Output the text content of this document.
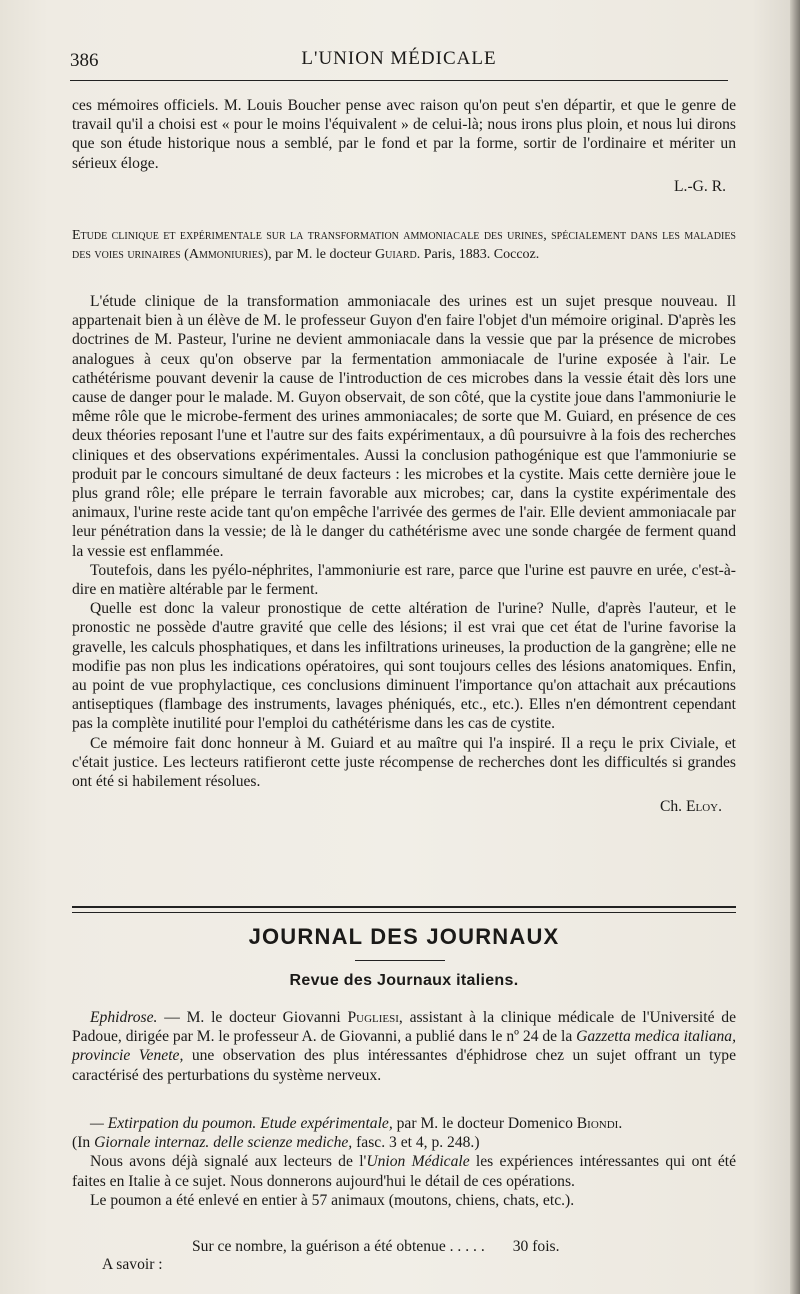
386	L'UNION MÉDICALE

ces mémoires officiels. M. Louis Boucher pense avec raison qu'on peut s'en départir, et que le genre de travail qu'il a choisi est « pour le moins l'équivalent » de celui-là; nous irons plus ploin, et nous lui dirons que son étude historique nous a semblé, par le fond et par la forme, sortir de l'ordinaire et mériter un sérieux éloge.

L.-G. R.

Etude clinique et expérimentale sur la transformation ammoniacale des urines, spécialement dans les maladies des voies urinaires (Ammoniuries), par M. le docteur Guiard. Paris, 1883. Coccoz.

L'étude clinique de la transformation ammoniacale des urines est un sujet presque nouveau. Il appartenait bien à un élève de M. le professeur Guyon d'en faire l'objet d'un mémoire original. D'après les doctrines de M. Pasteur, l'urine ne devient ammoniacale dans la vessie que par la présence de microbes analogues à ceux qu'on observe par la fermentation ammoniacale de l'urine exposée à l'air. Le cathétérisme pouvant devenir la cause de l'introduction de ces microbes dans la vessie était dès lors une cause de danger pour le malade. M. Guyon observait, de son côté, que la cystite joue dans l'ammoniurie le même rôle que le microbe-ferment des urines ammoniacales; de sorte que M. Guiard, en présence de ces deux théories reposant l'une et l'autre sur des faits expérimentaux, a dû poursuivre à la fois des recherches cliniques et des observations expérimentales. Aussi la conclusion pathogénique est que l'ammoniurie se produit par le concours simultané de deux facteurs : les microbes et la cystite. Mais cette dernière joue le plus grand rôle; elle prépare le terrain favorable aux microbes; car, dans la cystite expérimentale des animaux, l'urine reste acide tant qu'on empêche l'arrivée des germes de l'air. Elle devient ammoniacale par leur pénétration dans la vessie; de là le danger du cathétérisme avec une sonde chargée de ferment quand la vessie est enflammée.

Toutefois, dans les pyélo-néphrites, l'ammoniurie est rare, parce que l'urine est pauvre en urée, c'est-à-dire en matière altérable par le ferment.

Quelle est donc la valeur pronostique de cette altération de l'urine? Nulle, d'après l'auteur, et le pronostic ne possède d'autre gravité que celle des lésions; il est vrai que cet état de l'urine favorise la gravelle, les calculs phosphatiques, et dans les infiltrations urineuses, la production de la gangrène; elle ne modifie pas non plus les indications opératoires, qui sont toujours celles des lésions anatomiques. Enfin, au point de vue prophylactique, ces conclusions diminuent l'importance qu'on attachait aux précautions antiseptiques (flambage des instruments, lavages phéniqués, etc., etc.). Elles n'en démontrent cependant pas la complète inutilité pour l'emploi du cathétérisme dans les cas de cystite.

Ce mémoire fait donc honneur à M. Guiard et au maître qui l'a inspiré. Il a reçu le prix Civiale, et c'était justice. Les lecteurs ratifieront cette juste récompense de recherches dont les difficultés si grandes ont été si habilement résolues.

Ch. Eloy.

JOURNAL DES JOURNAUX
Revue des Journaux italiens.

Ephidrose. — M. le docteur Giovanni Pugliesi, assistant à la clinique médicale de l'Université de Padoue, dirigée par M. le professeur A. de Giovanni, a publié dans le nº 24 de la Gazzetta medica italiana, provincie Venete, une observation des plus intéressantes d'éphidrose chez un sujet offrant un type caractérisé des perturbations du système nerveux.

— Extirpation du poumon. Etude expérimentale, par M. le docteur Domenico Biondi.

(In Giornale internaz. delle scienze mediche, fasc. 3 et 4, p. 248.)

Nous avons déjà signalé aux lecteurs de l'Union Médicale les expériences intéressantes qui ont été faites en Italie à ce sujet. Nous donnerons aujourd'hui le détail de ces opérations.

Le poumon a été enlevé en entier à 57 animaux (moutons, chiens, chats, etc.).

Sur ce nombre, la guérison a été obtenue . . . . . 30 fois.
A savoir :
